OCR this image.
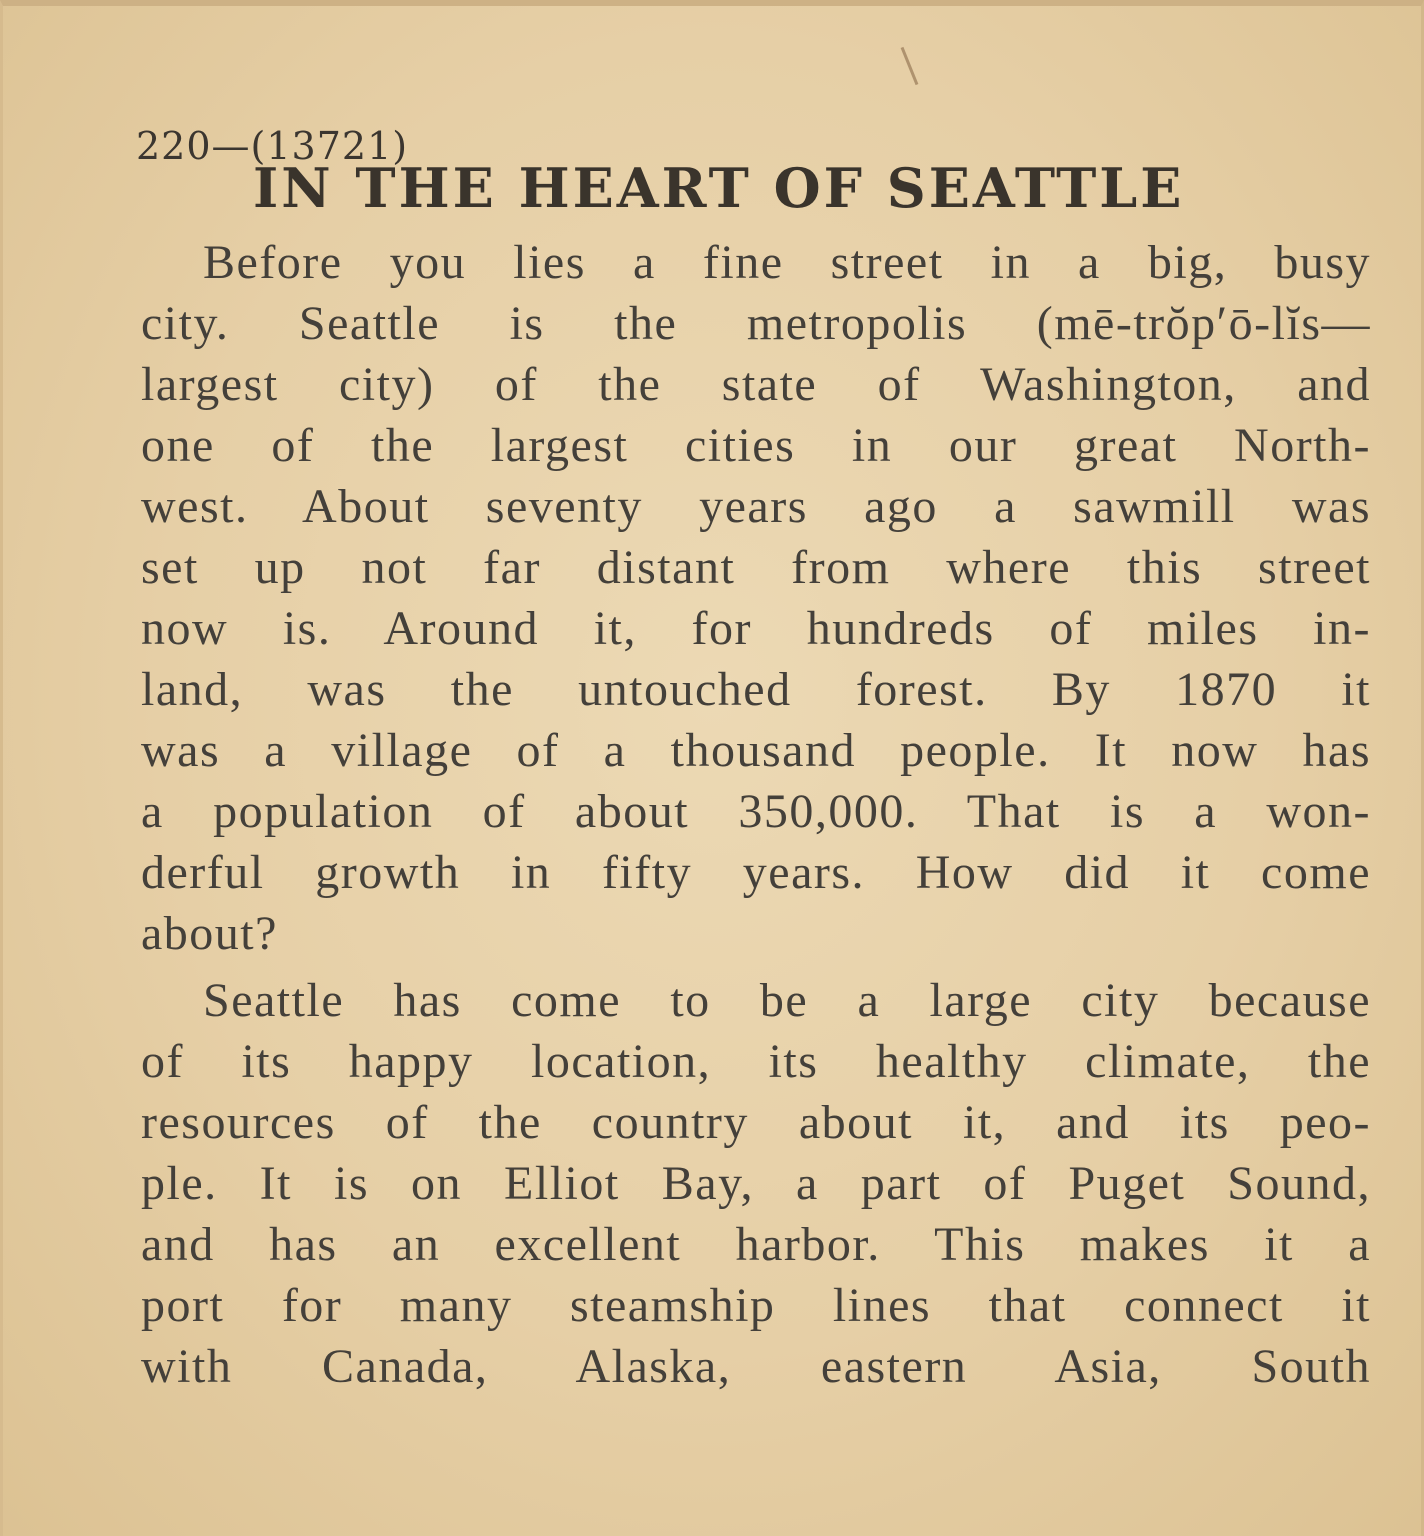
220—(13721)
IN THE HEART OF SEATTLE
Before you lies a fine street in a big, busy
city. Seattle is the metropolis (mē-trŏp′ō-lĭs—
largest city) of the state of Washington, and
one of the largest cities in our great North-
west. About seventy years ago a sawmill was
set up not far distant from where this street
now is. Around it, for hundreds of miles in-
land, was the untouched forest. By 1870 it
was a village of a thousand people. It now has
a population of about 350,000. That is a won-
derful growth in fifty years. How did it come
about?
Seattle has come to be a large city because
of its happy location, its healthy climate, the
resources of the country about it, and its peo-
ple. It is on Elliot Bay, a part of Puget Sound,
and has an excellent harbor. This makes it a
port for many steamship lines that connect it
with Canada, Alaska, eastern Asia, South
